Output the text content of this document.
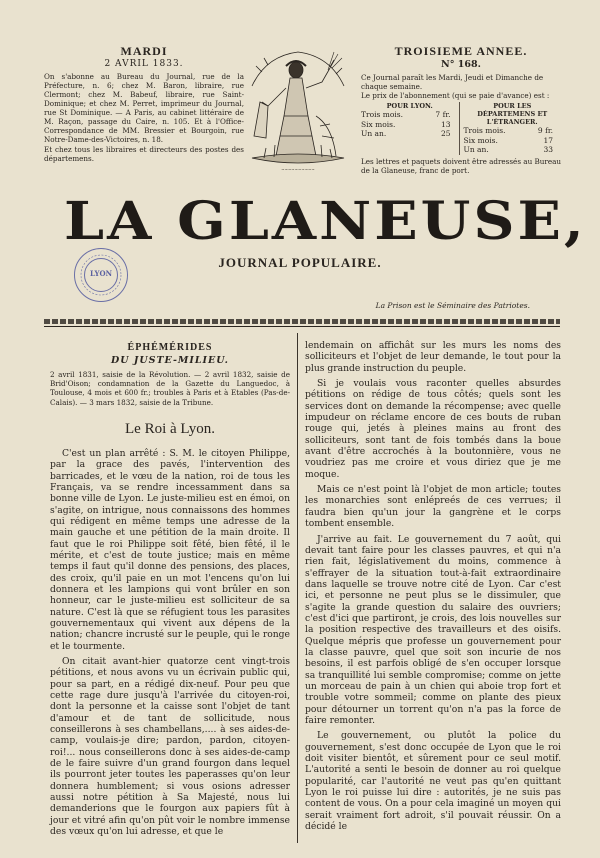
MARDI
2 AVRIL 1833.
On s'abonne au Bureau du Journal, rue de la Préfecture, n. 6; chez M. Baron, libraire, rue Clermont; chez M. Babeuf, libraire, rue Saint-Dominique; et chez M. Perret, imprimeur du Journal, rue St Dominique. — A Paris, au cabinet littéraire de M. Raçon, passage du Caire, n. 105. Et à l'Office-Correspondance de MM. Bressier et Bourgoin, rue Notre-Dame-des-Victoires, n. 18.
Et chez tous les libraires et directeurs des postes des départemens.
~~~~~~~~~~
TROISIEME ANNEE.
N° 168.
Ce Journal paraît les Mardi, Jeudi et Dimanche de chaque semaine.
Le prix de l'abonnement (qui se paie d'avance) est :
POUR LYON.
Trois mois.	7 fr.
Six mois.	13
Un an.	25
POUR LES DÉPARTEMENS ET L'ÉTRANGER.
Trois mois.	9 fr.
Six mois.	17
Un an.	33
Les lettres et paquets doivent être adressés au Bureau de la Glaneuse, franc de port.
LA GLANEUSE,
JOURNAL POPULAIRE.
LYON
La Prison est le Séminaire des Patriotes.
ÉPHÉMÉRIDES
DU JUSTE-MILIEU.
2 avril 1831, saisie de la Révolution. — 2 avril 1832, saisie de Brid'Oison; condamnation de la Gazette du Languedoc, à Toulouse, 4 mois et 600 fr.; troubles à Paris et à Etables (Pas-de-Calais). — 3 mars 1832, saisie de la Tribune.
Le Roi à Lyon.

C'est un plan arrêté : S. M. le citoyen Philippe, par la grace des pavés, l'intervention des barricades, et le vœu de la nation, roi de tous les Français, va se rendre incessamment dans sa bonne ville de Lyon. Le juste-milieu est en émoi, on s'agite, on intrigue, nous connaissons des hommes qui rédigent en même temps une adresse de la main gauche et une pétition de la main droite. Il faut que le roi Philippe soit fêté, bien fêté, il le mérite, et c'est de toute justice; mais en même temps il faut qu'il donne des pensions, des places, des croix, qu'il paie en un mot l'encens qu'on lui donnera et les lampions qui vont brûler en son honneur, car le juste-milieu est solliciteur de sa nature. C'est là que se réfugient tous les parasites gouvernementaux qui vivent aux dépens de la nation; chancre incrusté sur le peuple, qui le ronge et le tourmente.

On citait avant-hier quatorze cent vingt-trois pétitions, et nous avons vu un écrivain public qui, pour sa part, en a rédigé dix-neuf. Pour peu que cette rage dure jusqu'à l'arrivée du citoyen-roi, dont la personne et la caisse sont l'objet de tant d'amour et de tant de sollicitude, nous conseillerons à ses chambellans,.... à ses aides-de-camp, voulais-je dire; pardon, pardon, citoyen-roi!... nous conseillerons donc à ses aides-de-camp de le faire suivre d'un grand fourgon dans lequel ils pourront jeter toutes les paperasses qu'on leur donnera humblement; si vous osions adresser aussi notre pétition à Sa Majesté, nous lui demanderions que le fourgon aux papiers fût à jour et vitré afin qu'on pût voir le nombre immense des vœux qu'on lui adresse, et que le

lendemain on affichât sur les murs les noms des solliciteurs et l'objet de leur demande, le tout pour la plus grande instruction du peuple.

Si je voulais vous raconter quelles absurdes pétitions on rédige de tous côtés; quels sont les services dont on demande la récompense; avec quelle impudeur on réclame encore de ces bouts de ruban rouge qui, jetés à pleines mains au front des solliciteurs, sont tant de fois tombés dans la boue avant d'être accrochés à la boutonnière, vous ne voudriez pas me croire et vous diriez que je me moque.

Mais ce n'est point là l'objet de mon article; toutes les monarchies sont enlépreés de ces verrues; il faudra bien qu'un jour la gangrène et le corps tombent ensemble.

J'arrive au fait. Le gouvernement du 7 août, qui devait tant faire pour les classes pauvres, et qui n'a rien fait, législativement du moins, commence à s'effrayer de la situation tout-à-fait extraordinaire dans laquelle se trouve notre cité de Lyon. Car c'est ici, et personne ne peut plus se le dissimuler, que s'agite la grande question du salaire des ouvriers; c'est d'ici que partiront, je crois, des lois nouvelles sur la position respective des travailleurs et des oisifs. Quelque mépris que professe un gouvernement pour la classe pauvre, quel que soit son incurie de nos besoins, il est parfois obligé de s'en occuper lorsque sa tranquillité lui semble compromise; comme on jette un morceau de pain à un chien qui aboie trop fort et trouble votre sommeil; comme on plante des pieux pour détourner un torrent qu'on n'a pas la force de faire remonter.

Le gouvernement, ou plutôt la police du gouvernement, s'est donc occupée de Lyon que le roi doit visiter bientôt, et sûrement pour ce seul motif. L'autorité a senti le besoin de donner au roi quelque popularité, car l'autorité ne veut pas qu'en quittant Lyon le roi puisse lui dire : autorités, je ne suis pas content de vous. On a pour cela imaginé un moyen qui serait vraiment fort adroit, s'il pouvait réussir. On a décidé le
